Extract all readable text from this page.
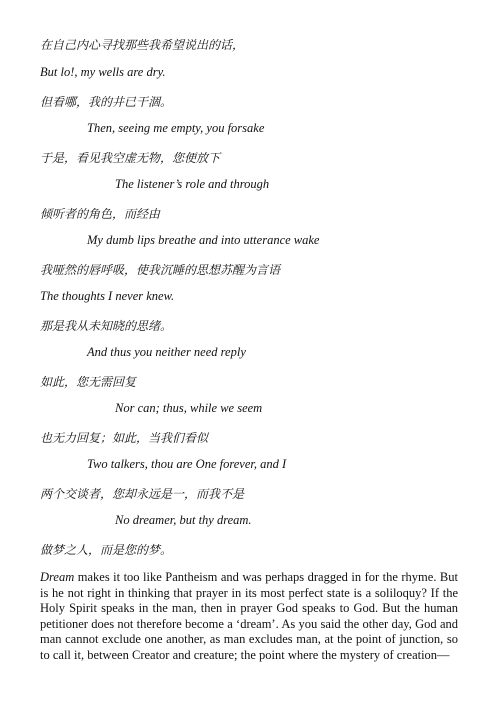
在自己内心寻找那些我希望说出的话，
But lo!, my wells are dry.
但看哪，我的井已干涸。
Then, seeing me empty, you forsake
于是，看见我空虚无物，您便放下
The listener’s role and through
倾听者的角色，而经由
My dumb lips breathe and into utterance wake
我哑然的唇呼吸，使我沉睡的思想苏醒为言语
The thoughts I never knew.
那是我从未知晓的思绪。
And thus you neither need reply
如此，您无需回复
Nor can; thus, while we seem
也无力回复；如此，当我们看似
Two talkers, thou are One forever, and I
两个交谈者，您却永远是一，而我不是
No dreamer, but thy dream.
做梦之人，而是您的梦。

Dream makes it too like Pantheism and was perhaps dragged in for the rhyme. But is he not right in thinking that prayer in its most perfect state is a soliloquy? If the Holy Spirit speaks in the man, then in prayer God speaks to God. But the human petitioner does not therefore become a ‘dream’. As you said the other day, God and man cannot exclude one another, as man excludes man, at the point of junction, so to call it, between Creator and creature; the point where the mystery of creation—
